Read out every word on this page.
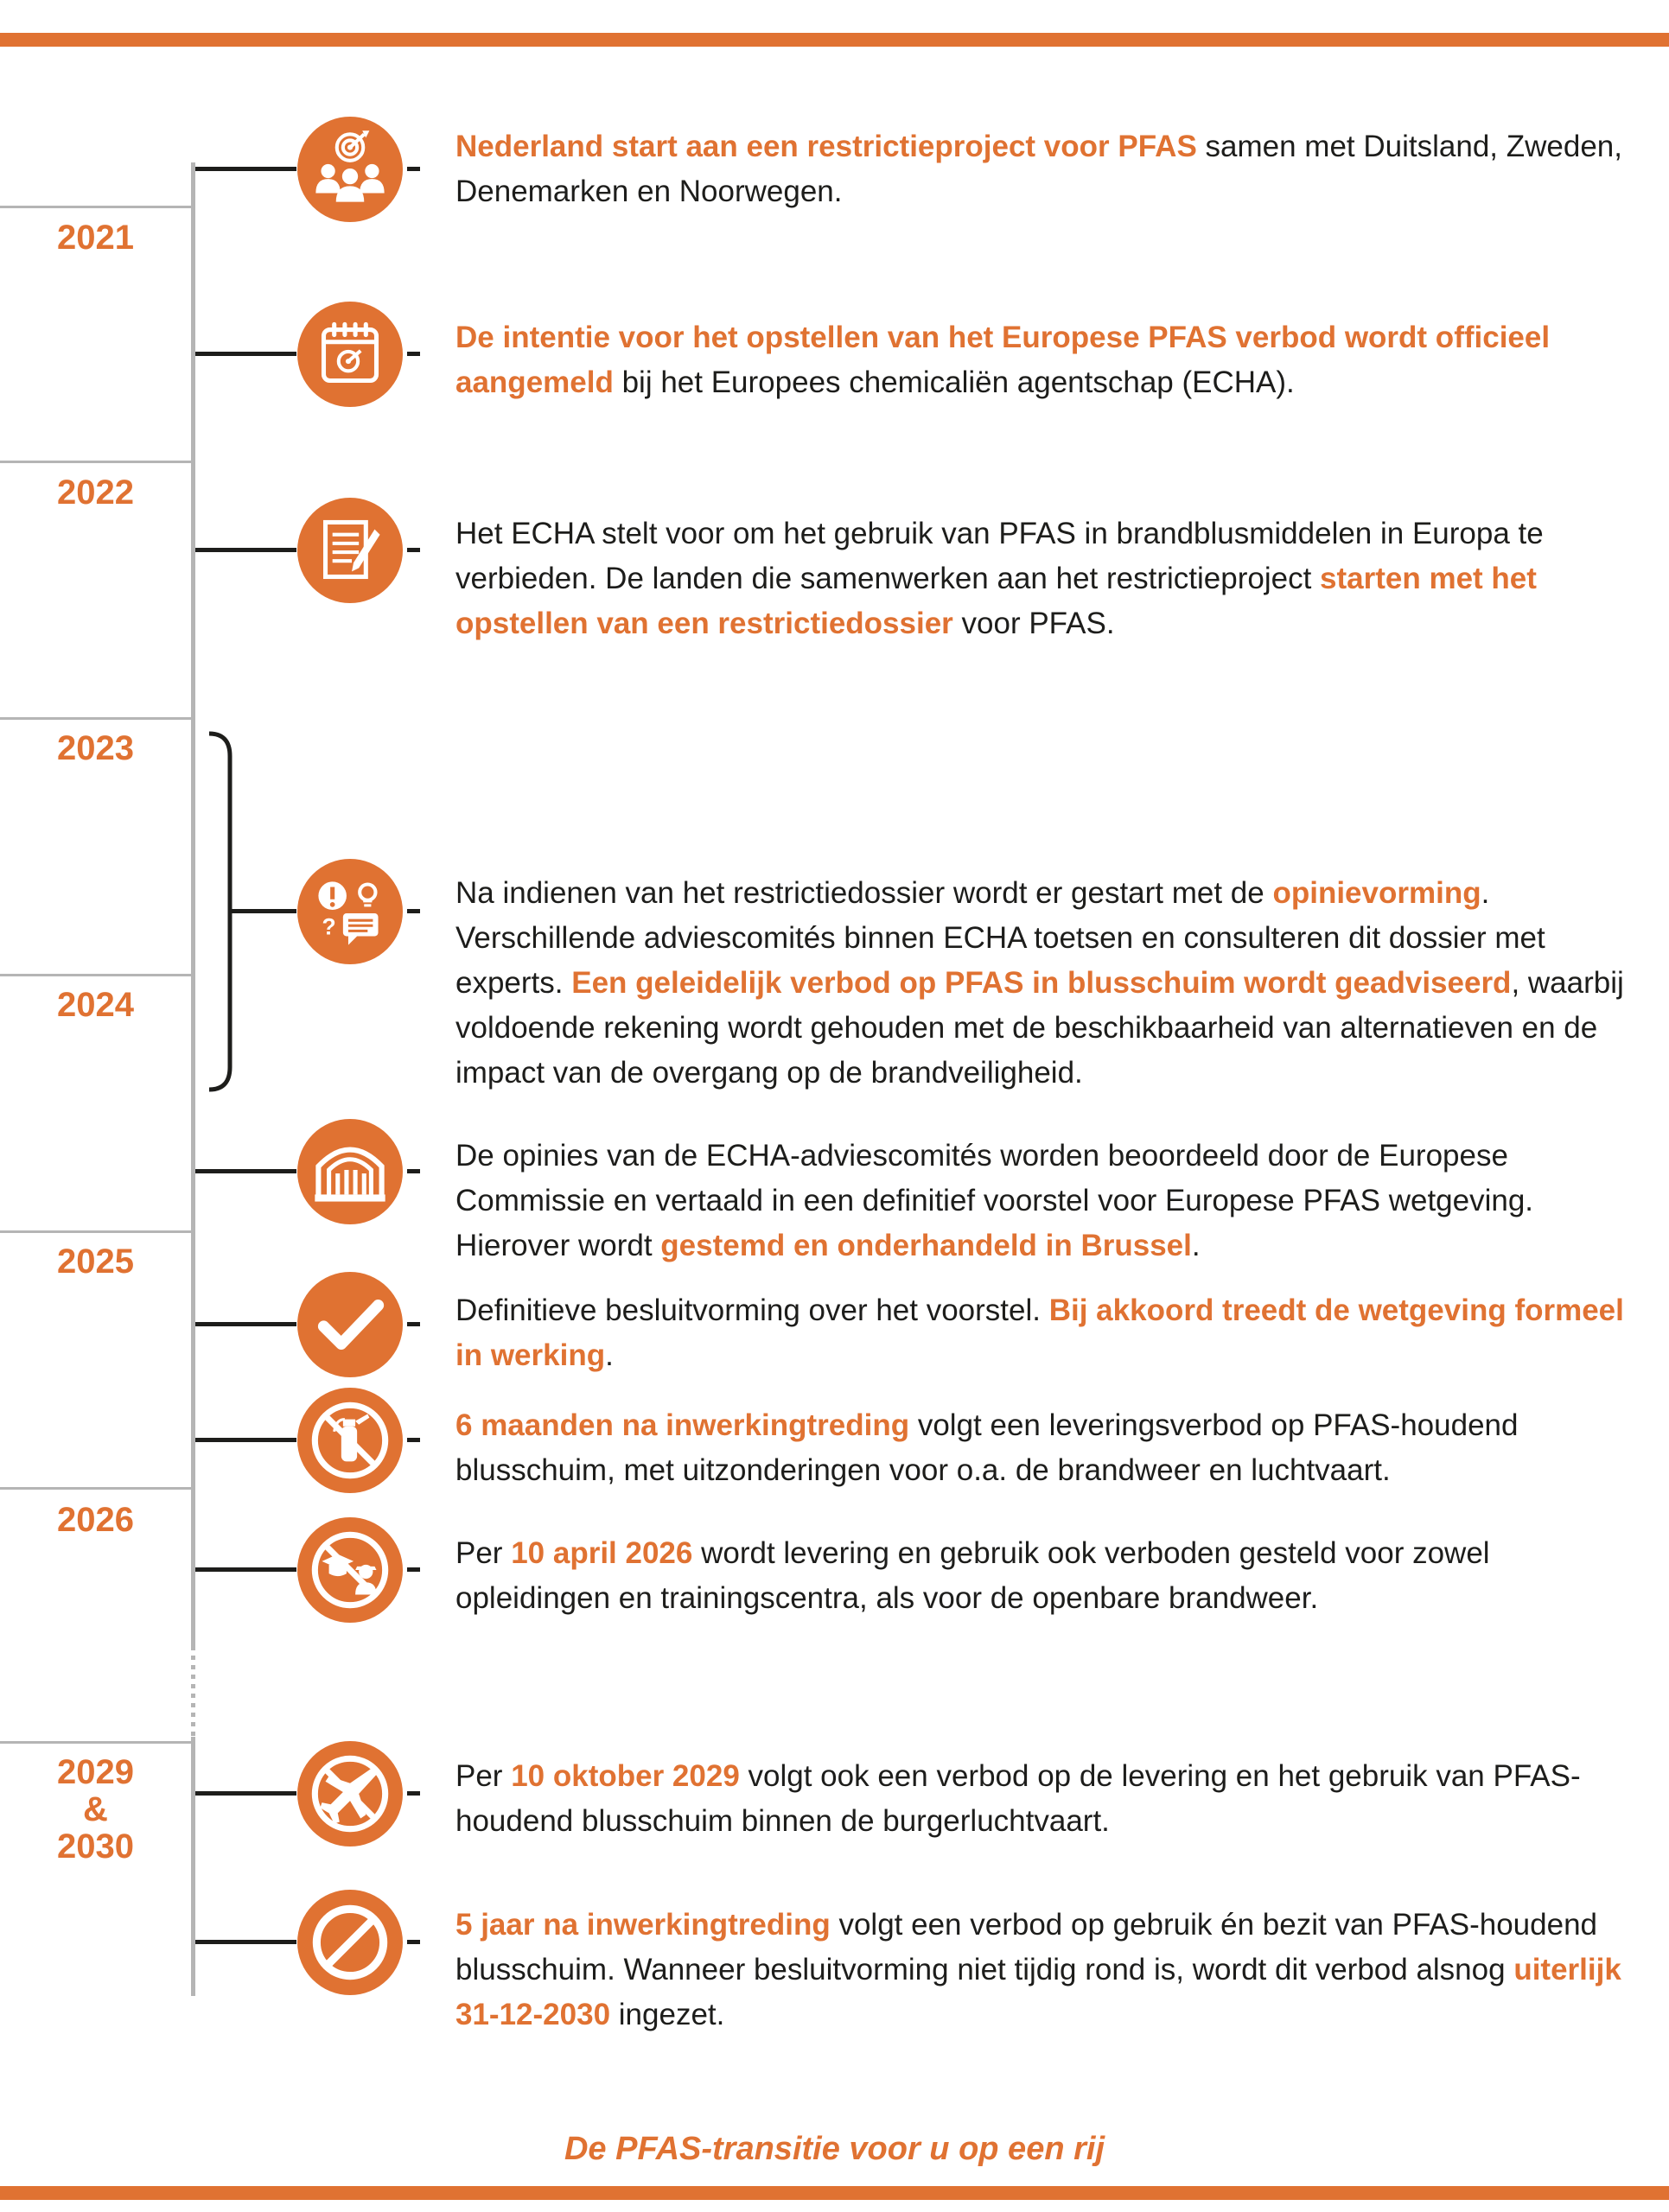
2021
2022
2023
2024
2025
2026
2029
&
2030
?

Nederland start aan een restrictieproject voor PFAS samen met Duitsland, Zweden, Denemarken en Noorwegen.

De intentie voor het opstellen van het Europese PFAS verbod wordt officieel aangemeld bij het Europees chemicaliën agentschap (ECHA).

Het ECHA stelt voor om het gebruik van PFAS in brandblusmiddelen in Europa te verbieden. De landen die samenwerken aan het restrictieproject starten met het opstellen van een restrictiedossier voor PFAS.

Na indienen van het restrictiedossier wordt er gestart met de opinievorming. Verschillende adviescomités binnen ECHA toetsen en consulteren dit dossier met experts. Een geleidelijk verbod op PFAS in blusschuim wordt geadviseerd, waarbij voldoende rekening wordt gehouden met de beschikbaarheid van alternatieven en de impact van de overgang op de brandveiligheid.

De opinies van de ECHA-adviescomités worden beoordeeld door de Europese Commissie en vertaald in een definitief voorstel voor Europese PFAS wetgeving. Hierover wordt gestemd en onderhandeld in Brussel.

Definitieve besluitvorming over het voorstel. Bij akkoord treedt de wetgeving formeel in werking.

6 maanden na inwerkingtreding volgt een leveringsverbod op PFAS-houdend blusschuim, met uitzonderingen voor o.a. de brandweer en luchtvaart.

Per 10 april 2026 wordt levering en gebruik ook verboden gesteld voor zowel opleidingen en trainingscentra, als voor de openbare brandweer.

Per 10 oktober 2029 volgt ook een verbod op de levering en het gebruik van PFAS-houdend blusschuim binnen de burgerluchtvaart.

5 jaar na inwerkingtreding volgt een verbod op gebruik én bezit van PFAS-houdend blusschuim. Wanneer besluitvorming niet tijdig rond is, wordt dit verbod alsnog uiterlijk 31-12-2030 ingezet.

De PFAS-transitie voor u op een rij
